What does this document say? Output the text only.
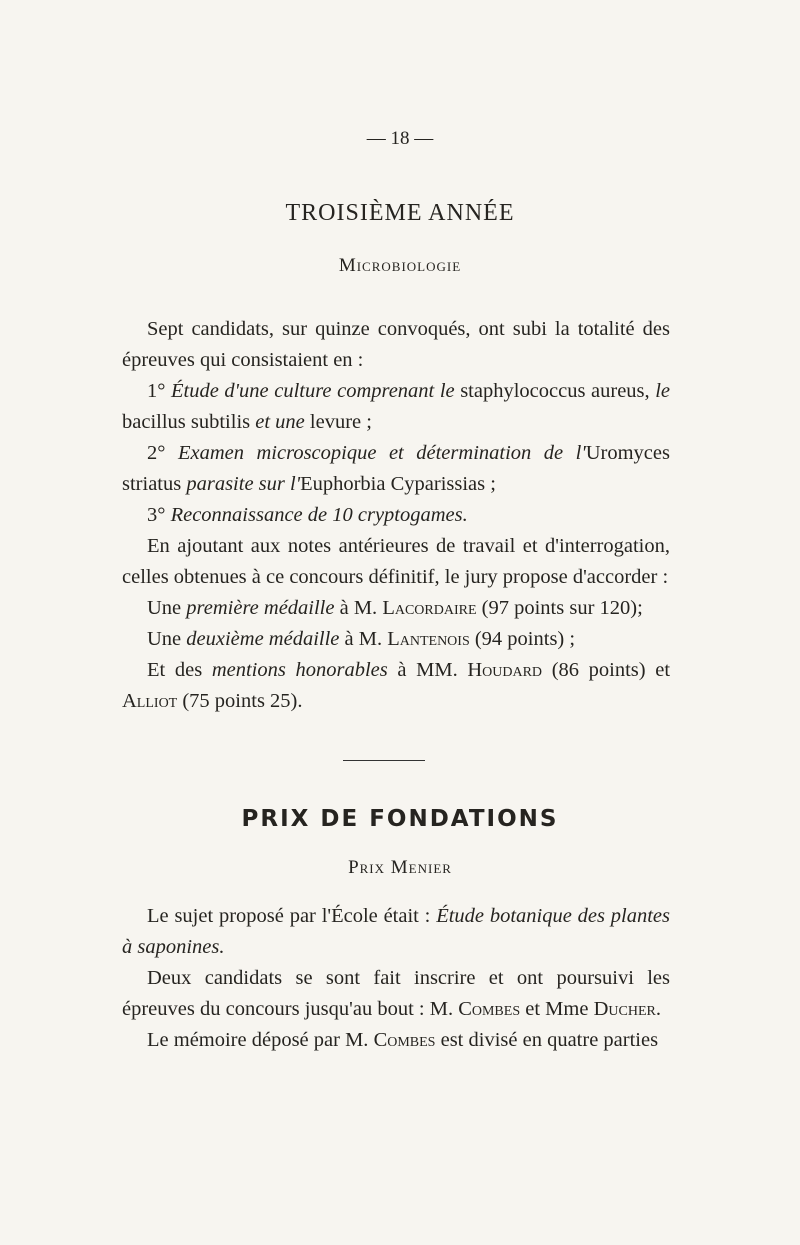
— 18 —
TROISIÈME ANNÉE
Microbiologie

Sept candidats, sur quinze convoqués, ont subi la totalité des épreuves qui consistaient en :

1° Étude d'une culture comprenant le staphylococcus aureus, le bacillus subtilis et une levure ;

2° Examen microscopique et détermination de l'Uromyces striatus parasite sur l'Euphorbia Cyparissias ;

3° Reconnaissance de 10 cryptogames.

En ajoutant aux notes antérieures de travail et d'interrogation, celles obtenues à ce concours définitif, le jury propose d'accorder :

Une première médaille à M. Lacordaire (97 points sur 120);

Une deuxième médaille à M. Lantenois (94 points) ;

Et des mentions honorables à MM. Houdard (86 points) et Alliot (75 points 25).

PRIX DE FONDATIONS
Prix Menier

Le sujet proposé par l'École était : Étude botanique des plantes à saponines.

Deux candidats se sont fait inscrire et ont poursuivi les épreuves du concours jusqu'au bout : M. Combes et Mme Ducher.

Le mémoire déposé par M. Combes est divisé en quatre parties
